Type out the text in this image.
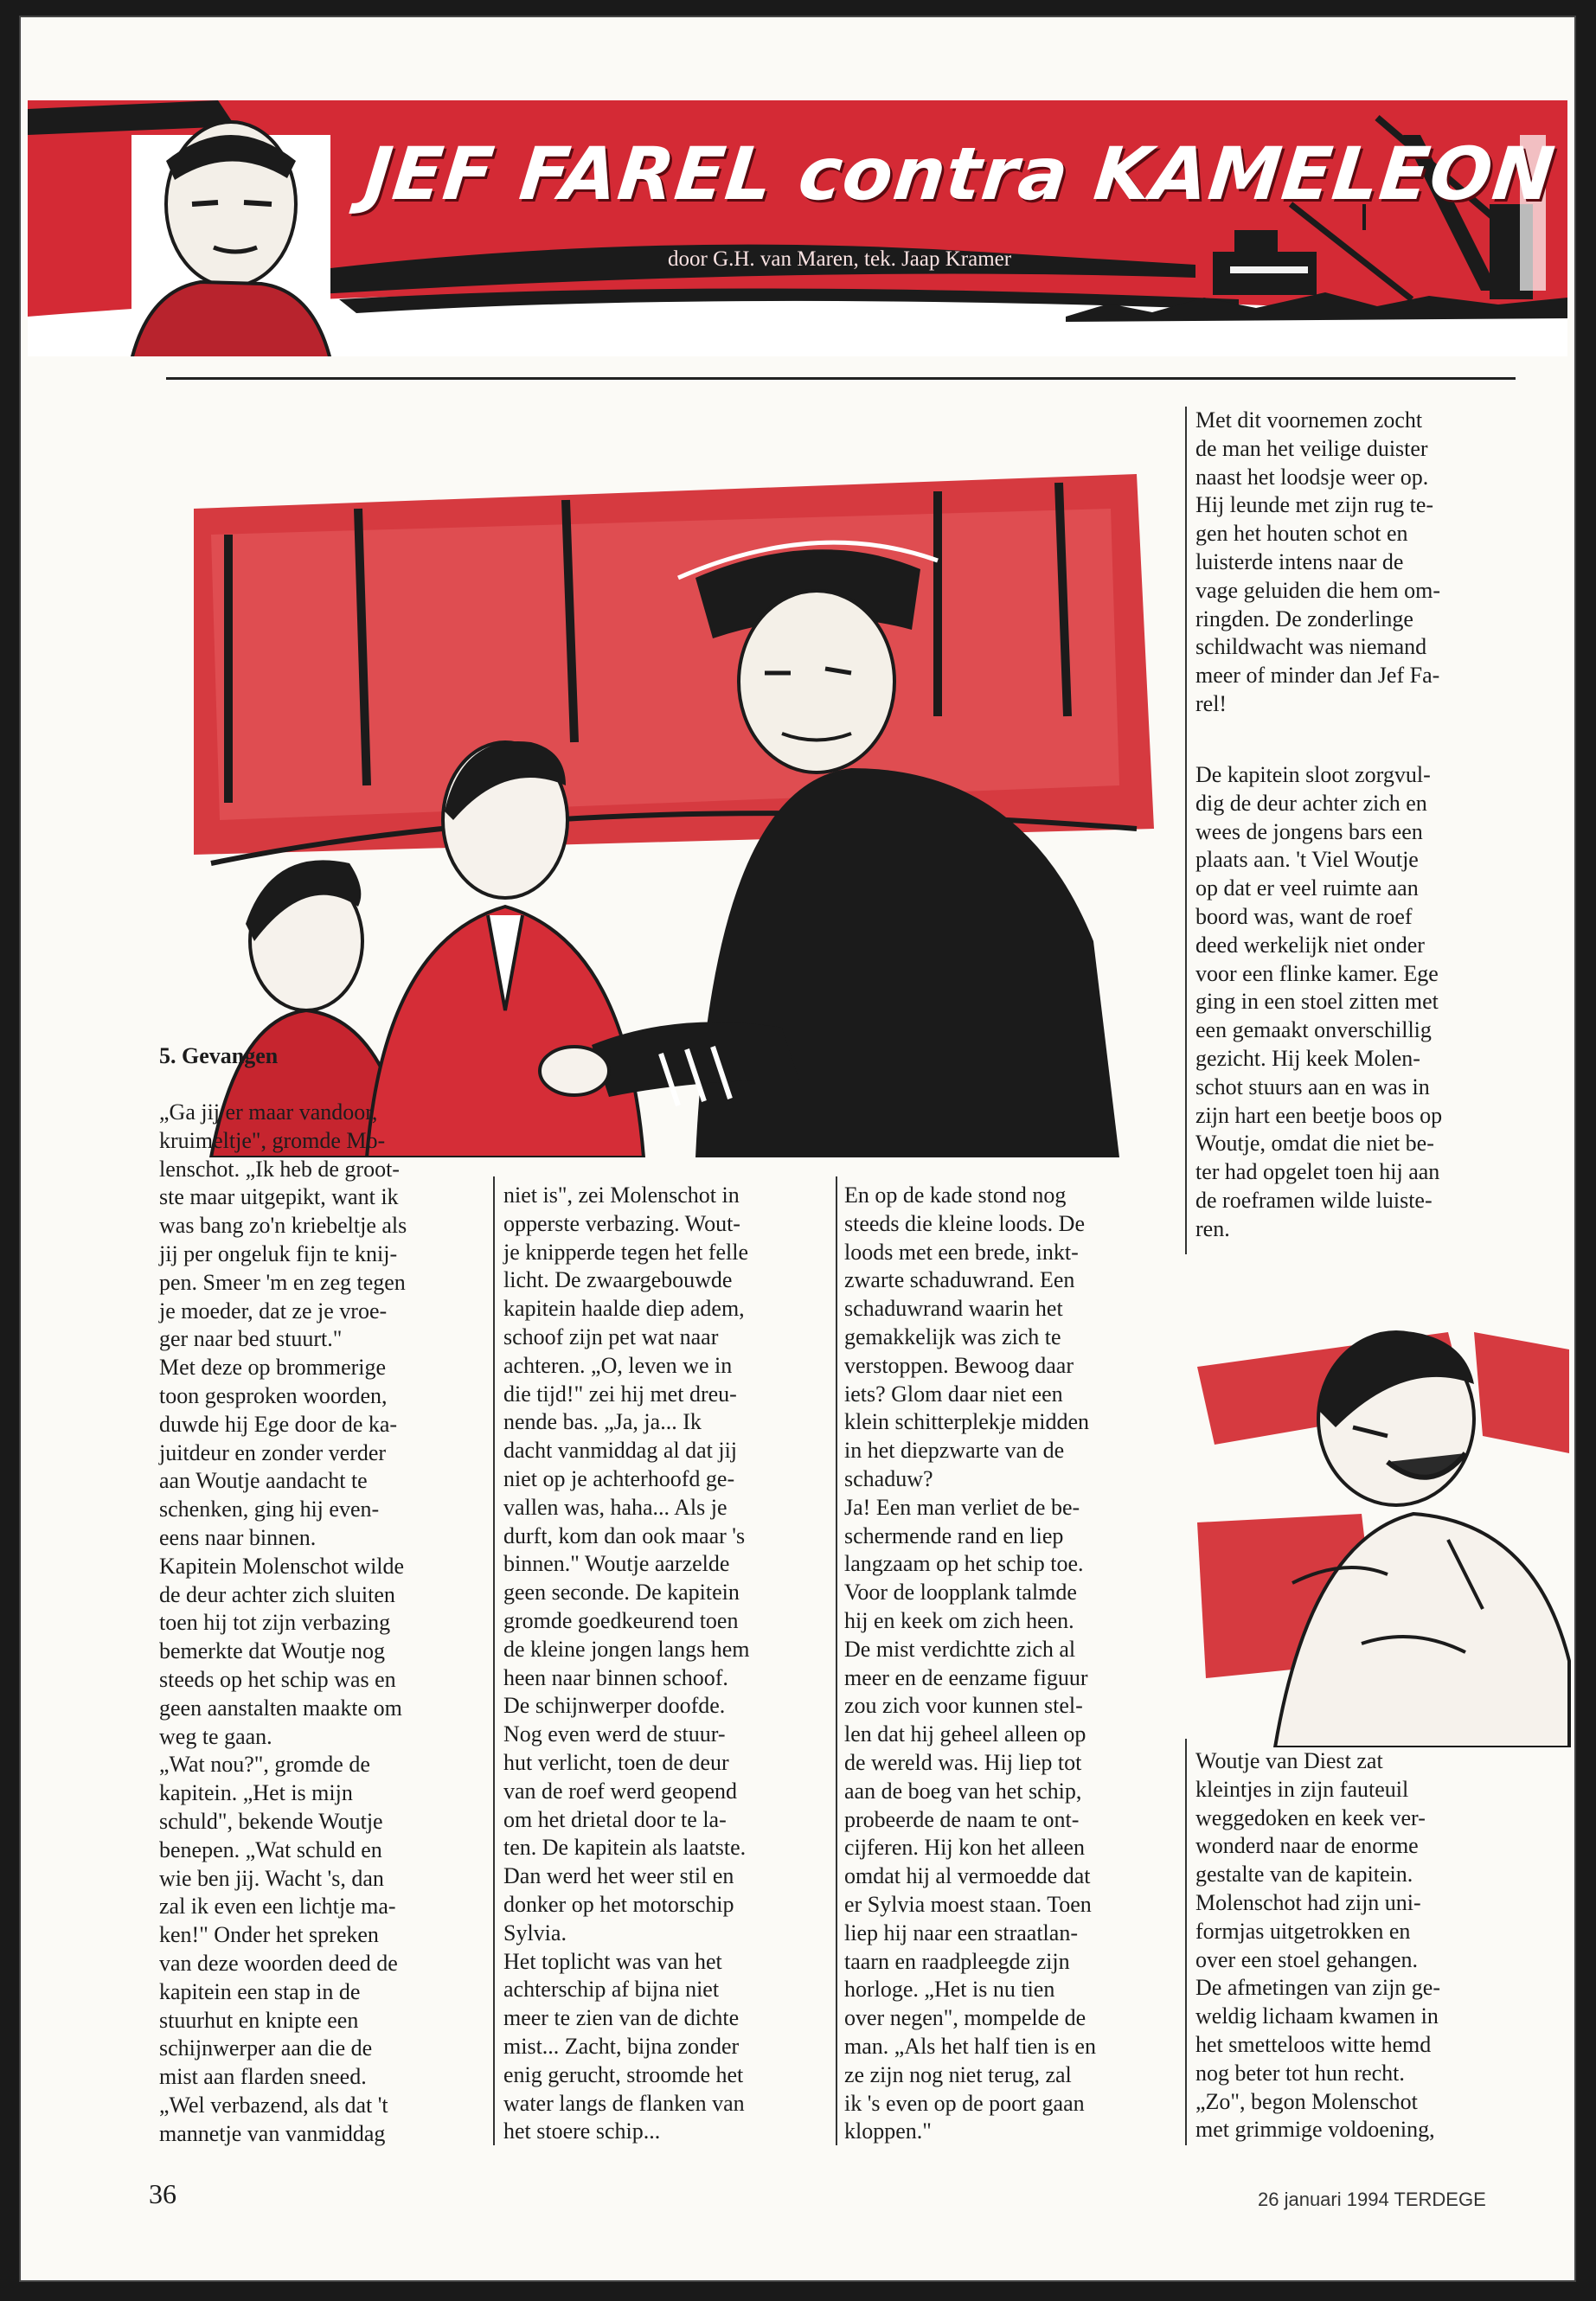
JEF FAREL contra KAMELEON
door G.H. van Maren, tek. Jaap Kramer
5. Gevangen
„Ga jij er maar vandoor,
kruimeltje", gromde Mo-
lenschot. „Ik heb de groot-
ste maar uitgepikt, want ik
was bang zo'n kriebeltje als
jij per ongeluk fijn te knij-
pen. Smeer 'm en zeg tegen
je moeder, dat ze je vroe-
ger naar bed stuurt."
Met deze op brommerige
toon gesproken woorden,
duwde hij Ege door de ka-
juitdeur en zonder verder
aan Woutje aandacht te
schenken, ging hij even-
eens naar binnen.
Kapitein Molenschot wilde
de deur achter zich sluiten
toen hij tot zijn verbazing
bemerkte dat Woutje nog
steeds op het schip was en
geen aanstalten maakte om
weg te gaan.
„Wat nou?", gromde de
kapitein. „Het is mijn
schuld", bekende Woutje
benepen. „Wat schuld en
wie ben jij. Wacht 's, dan
zal ik even een lichtje ma-
ken!" Onder het spreken
van deze woorden deed de
kapitein een stap in de
stuurhut en knipte een
schijnwerper aan die de
mist aan flarden sneed.
„Wel verbazend, als dat 't
mannetje van vanmiddag
niet is", zei Molenschot in
opperste verbazing. Wout-
je knipperde tegen het felle
licht. De zwaargebouwde
kapitein haalde diep adem,
schoof zijn pet wat naar
achteren. „O, leven we in
die tijd!" zei hij met dreu-
nende bas. „Ja, ja... Ik
dacht vanmiddag al dat jij
niet op je achterhoofd ge-
vallen was, haha... Als je
durft, kom dan ook maar 's
binnen." Woutje aarzelde
geen seconde. De kapitein
gromde goedkeurend toen
de kleine jongen langs hem
heen naar binnen schoof.
De schijnwerper doofde.
Nog even werd de stuur-
hut verlicht, toen de deur
van de roef werd geopend
om het drietal door te la-
ten. De kapitein als laatste.
Dan werd het weer stil en
donker op het motorschip
Sylvia.
Het toplicht was van het
achterschip af bijna niet
meer te zien van de dichte
mist... Zacht, bijna zonder
enig gerucht, stroomde het
water langs de flanken van
het stoere schip...
En op de kade stond nog
steeds die kleine loods. De
loods met een brede, inkt-
zwarte schaduwrand. Een
schaduwrand waarin het
gemakkelijk was zich te
verstoppen. Bewoog daar
iets? Glom daar niet een
klein schitterplekje midden
in het diepzwarte van de
schaduw?
Ja! Een man verliet de be-
schermende rand en liep
langzaam op het schip toe.
Voor de loopplank talmde
hij en keek om zich heen.
De mist verdichtte zich al
meer en de eenzame figuur
zou zich voor kunnen stel-
len dat hij geheel alleen op
de wereld was. Hij liep tot
aan de boeg van het schip,
probeerde de naam te ont-
cijferen. Hij kon het alleen
omdat hij al vermoedde dat
er Sylvia moest staan. Toen
liep hij naar een straatlan-
taarn en raadpleegde zijn
horloge. „Het is nu tien
over negen", mompelde de
man. „Als het half tien is en
ze zijn nog niet terug, zal
ik 's even op de poort gaan
kloppen."
Met dit voornemen zocht
de man het veilige duister
naast het loodsje weer op.
Hij leunde met zijn rug te-
gen het houten schot en
luisterde intens naar de
vage geluiden die hem om-
ringden. De zonderlinge
schildwacht was niemand
meer of minder dan Jef Fa-
rel!
De kapitein sloot zorgvul-
dig de deur achter zich en
wees de jongens bars een
plaats aan. 't Viel Woutje
op dat er veel ruimte aan
boord was, want de roef
deed werkelijk niet onder
voor een flinke kamer. Ege
ging in een stoel zitten met
een gemaakt onverschillig
gezicht. Hij keek Molen-
schot stuurs aan en was in
zijn hart een beetje boos op
Woutje, omdat die niet be-
ter had opgelet toen hij aan
de roeframen wilde luiste-
ren.
Woutje van Diest zat
kleintjes in zijn fauteuil
weggedoken en keek ver-
wonderd naar de enorme
gestalte van de kapitein.
Molenschot had zijn uni-
formjas uitgetrokken en
over een stoel gehangen.
De afmetingen van zijn ge-
weldig lichaam kwamen in
het smetteloos witte hemd
nog beter tot hun recht.
„Zo", begon Molenschot
met grimmige voldoening,
36	26 januari 1994 TERDEGE
